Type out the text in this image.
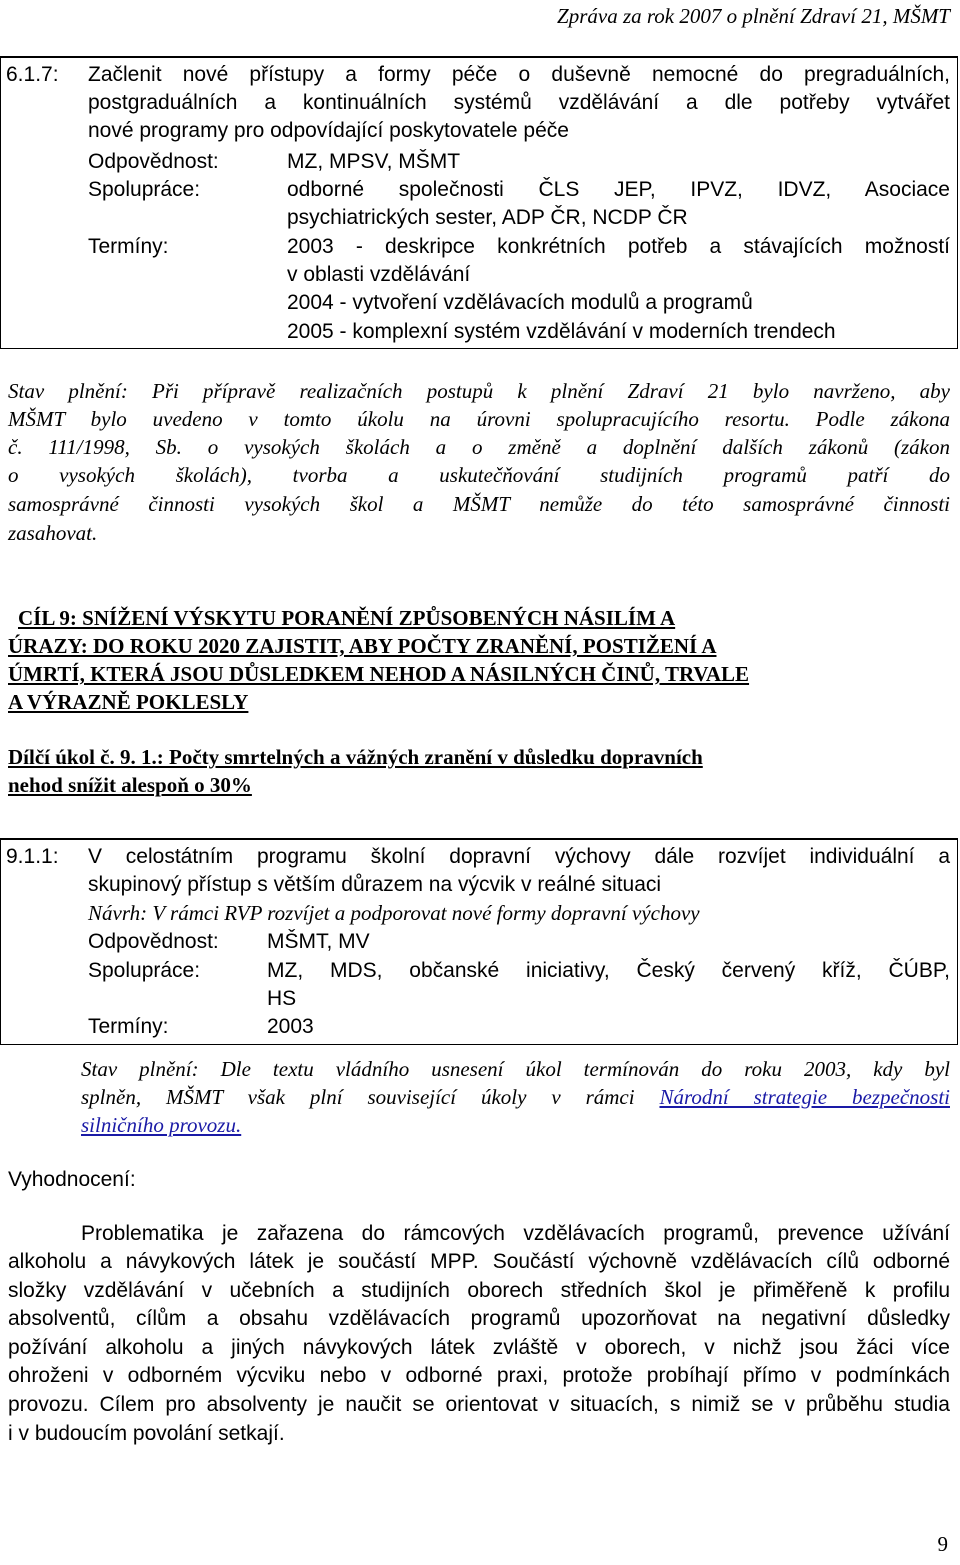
Zpráva za rok 2007 o plnění Zdraví 21, MŠMT
6.1.7: Začlenit nové přístupy a formy péče o duševně nemocné do pregraduálních,
postgraduálních a kontinuálních systémů vzdělávání a dle potřeby vytvářet
nové programy pro odpovídající poskytovatele péče
Odpovědnost:	MZ, MPSV, MŠMT
Spolupráce:	odborné společnosti ČLS JEP, IPVZ, IDVZ, Asociace
psychiatrických sester, ADP ČR, NCDP ČR
Termíny:	2003 - deskripce konkrétních potřeb a stávajících možností
v oblasti vzdělávání
2004 - vytvoření vzdělávacích modulů a programů
2005 - komplexní systém vzdělávání v moderních trendech
Stav plnění: Při přípravě realizačních postupů k plnění Zdraví 21 bylo navrženo, aby
MŠMT bylo uvedeno v tomto úkolu na úrovni spolupracujícího resortu. Podle zákona
č. 111/1998, Sb. o vysokých školách a o změně a doplnění dalších zákonů (zákon
o vysokých školách), tvorba a uskutečňování studijních programů patří do
samosprávné činnosti vysokých škol a MŠMT nemůže do této samosprávné činnosti
zasahovat.
CÍL 9: SNÍŽENÍ VÝSKYTU PORANĚNÍ ZPŮSOBENÝCH NÁSILÍM A
ÚRAZY: DO ROKU 2020 ZAJISTIT, ABY POČTY ZRANĚNÍ, POSTIŽENÍ A
ÚMRTÍ, KTERÁ JSOU DŮSLEDKEM NEHOD A NÁSILNÝCH ČINŮ, TRVALE
A VÝRAZNĚ POKLESLY
Dílčí úkol č. 9. 1.: Počty smrtelných a vážných zranění v důsledku dopravních
nehod snížit alespoň o 30%
9.1.1: V celostátním programu školní dopravní výchovy dále rozvíjet individuální a
skupinový přístup s větším důrazem na výcvik v reálné situaci
Návrh: V rámci RVP rozvíjet a podporovat nové formy dopravní výchovy
Odpovědnost: MŠMT, MV
Spolupráce:	MZ, MDS, občanské iniciativy, Český červený kříž, ČÚBP,
HS
Termíny:	2003
Stav plnění: Dle textu vládního usnesení úkol termínován do roku 2003, kdy byl
splněn, MŠMT však plní související úkoly v rámci Národní strategie bezpečnosti
silničního provozu.
Vyhodnocení:
Problematika je zařazena do rámcových vzdělávacích programů, prevence užívání
alkoholu a návykových látek je součástí MPP. Součástí výchovně vzdělávacích cílů odborné
složky vzdělávání v učebních a studijních oborech středních škol je přiměřeně k profilu
absolventů, cílům a obsahu vzdělávacích programů upozorňovat na negativní důsledky
požívání alkoholu a jiných návykových látek zvláště v oborech, v nichž jsou žáci více
ohroženi v odborném výcviku nebo v odborné praxi, protože probíhají přímo v podmínkách
provozu. Cílem pro absolventy je naučit se orientovat v situacích, s nimiž se v průběhu studia
i v budoucím povolání setkají.
9
